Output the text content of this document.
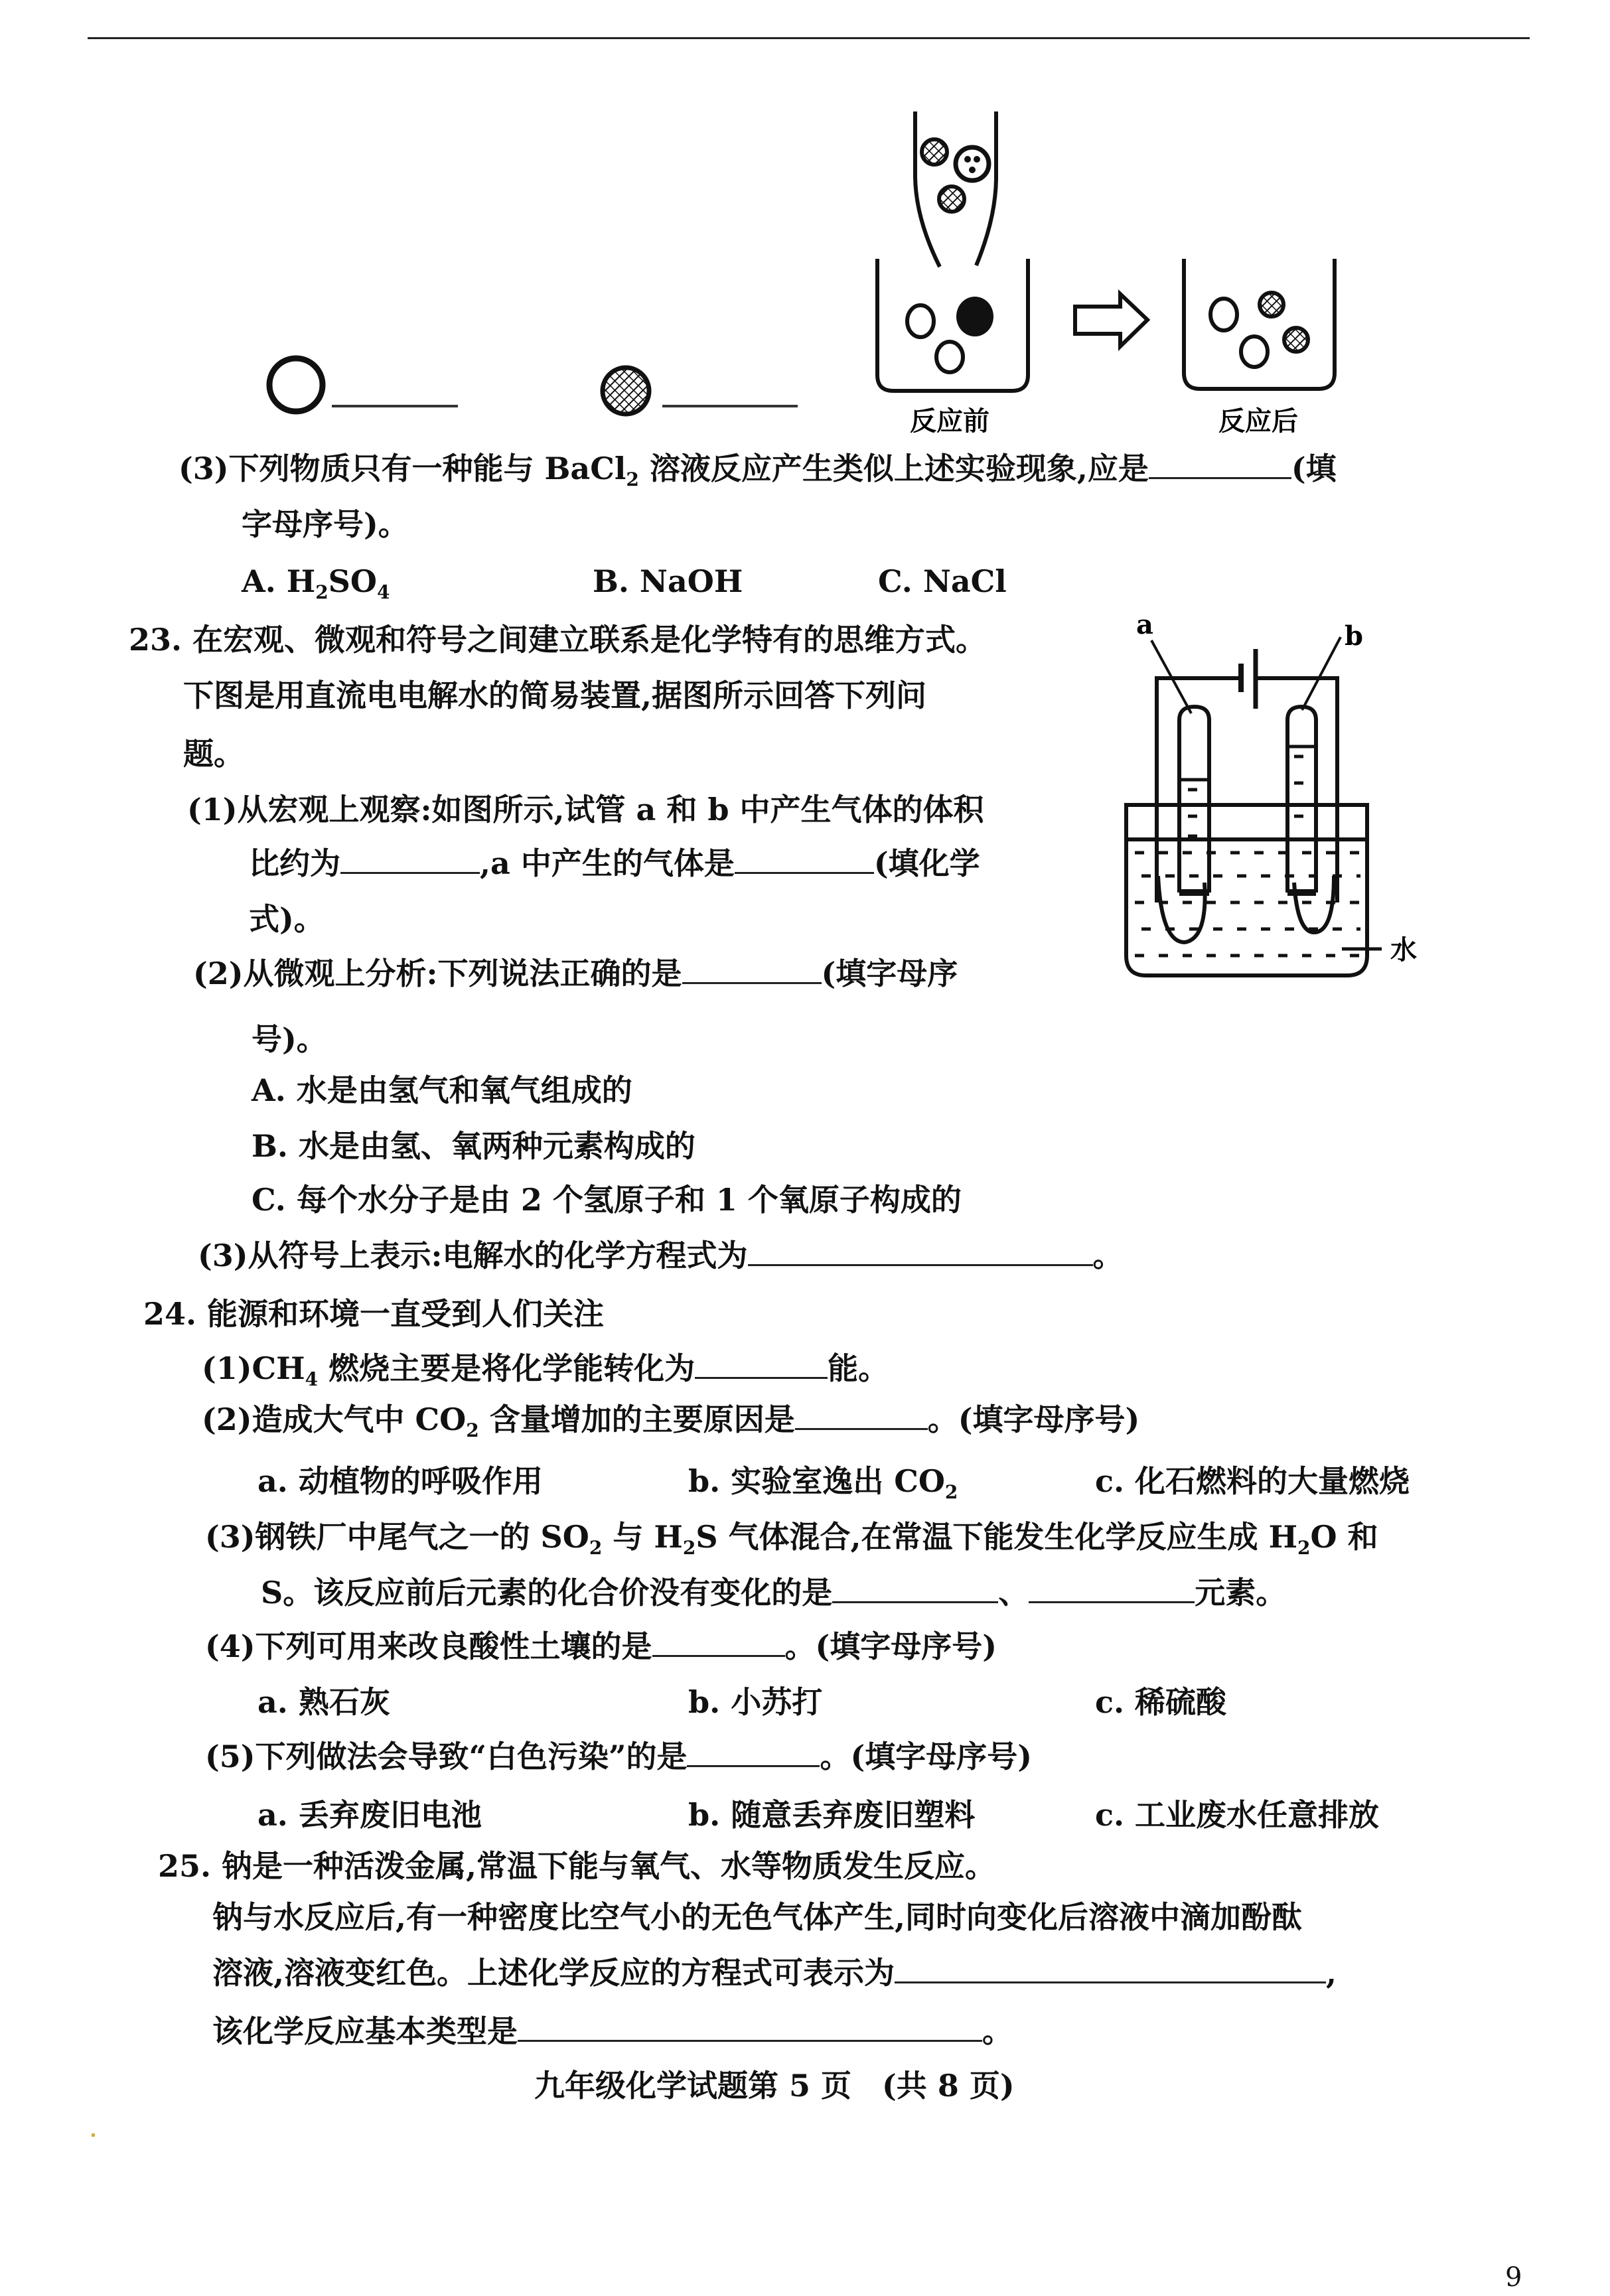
反应前	反应后
a	b
水
(3)下列物质只有一种能与 BaCl$_2$ 溶液反应产生类似上述实验现象,应是	(填
字母序号)。
A. $H_2SO_4$	B. NaOH	C. NaCl
23. 在宏观、微观和符号之间建立联系是化学特有的思维方式。
下图是用直流电电解水的简易装置,据图所示回答下列问
题。
(1)从宏观上观察:如图所示,试管 a 和 b 中产生气体的体积
比约为	,a 中产生的气体是	(填化学
式)。
(2)从微观上分析:下列说法正确的是	(填字母序
号)。
A. 水是由氢气和氧气组成的
B. 水是由氢、氧两种元素构成的
C. 每个水分子是由 2 个氢原子和 1 个氧原子构成的
(3)从符号上表示:电解水的化学方程式为	。
24. 能源和环境一直受到人们关注
$(1)CH_4$ 燃烧主要是将化学能转化为	能。
(2)造成大气中 $CO_2$ 含量增加的主要原因是	。(填字母序号)
a. 动植物的呼吸作用	b. 实验室逸出 $CO_2$	c. 化石燃料的大量燃烧
(3)钢铁厂中尾气之一的 $SO_2$ 与 $H_2S$ 气体混合,在常温下能发生化学反应生成 $H_2O$ 和
S。该反应前后元素的化合价没有变化的是	、	元素。
(4)下列可用来改良酸性土壤的是	。(填字母序号)
a. 熟石灰	b. 小苏打	c. 稀硫酸
(5)下列做法会导致“白色污染”的是	。(填字母序号)
a. 丢弃废旧电池	b. 随意丢弃废旧塑料	c. 工业废水任意排放
25. 钠是一种活泼金属,常温下能与氧气、水等物质发生反应。
钠与水反应后,有一种密度比空气小的无色气体产生,同时向变化后溶液中滴加酚酞
溶液,溶液变红色。上述化学反应的方程式可表示为	,
该化学反应基本类型是	。
九年级化学试题第 5 页　(共 8 页)
9
